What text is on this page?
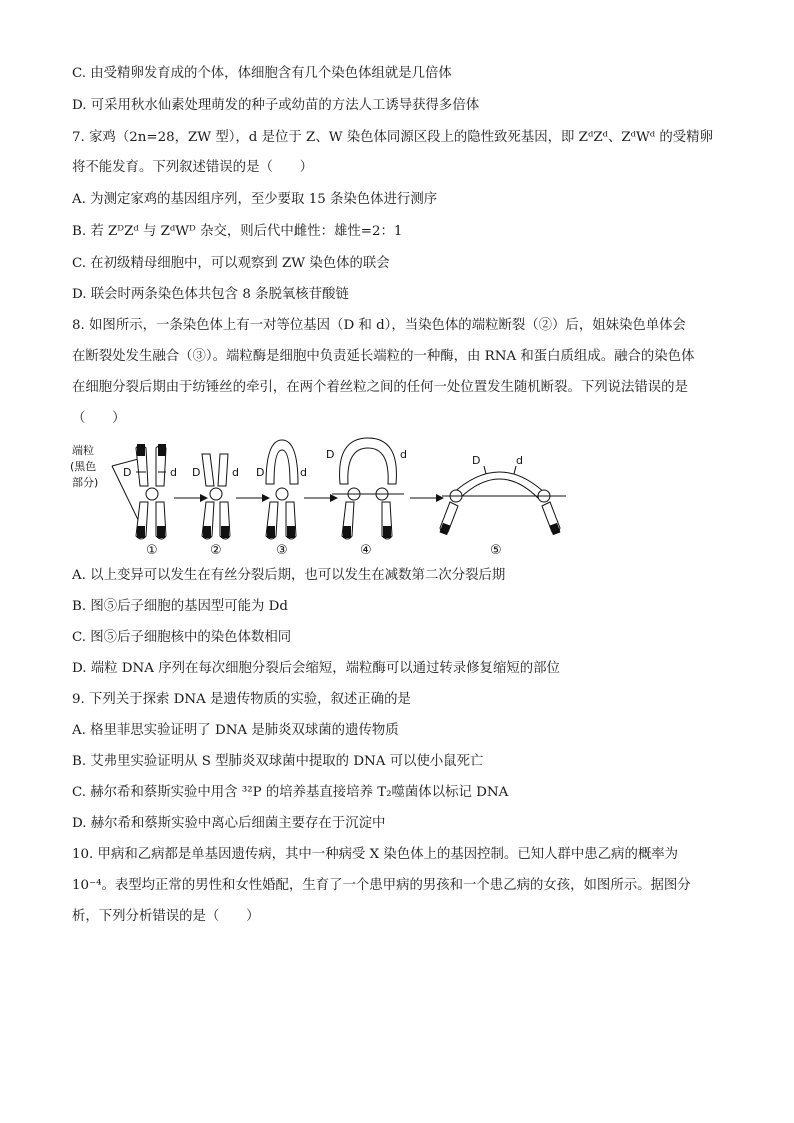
C. 由受精卵发育成的个体，体细胞含有几个染色体组就是几倍体
D. 可采用秋水仙素处理萌发的种子或幼苗的方法人工诱导获得多倍体
7. 家鸡（2n=28，ZW 型），d 是位于 Z、W 染色体同源区段上的隐性致死基因，即 ZᵈZᵈ、ZᵈWᵈ 的受精卵
将不能发育。下列叙述错误的是（　　）
A. 为测定家鸡的基因组序列，至少要取 15 条染色体进行测序
B. 若 ZᴰZᵈ 与 ZᵈWᴰ 杂交，则后代中雌性：雄性=2：1
C. 在初级精母细胞中，可以观察到 ZW 染色体的联会
D. 联会时两条染色体共包含 8 条脱氧核苷酸链
8. 如图所示，一条染色体上有一对等位基因（D 和 d），当染色体的端粒断裂（②）后，姐妹染色单体会
在断裂处发生融合（③）。端粒酶是细胞中负责延长端粒的一种酶，由 RNA 和蛋白质组成。融合的染色体
在细胞分裂后期由于纺锤丝的牵引，在两个着丝粒之间的任何一处位置发生随机断裂。下列说法错误的是
（　　）
A. 以上变异可以发生在有丝分裂后期，也可以发生在减数第二次分裂后期
B. 图⑤后子细胞的基因型可能为 Dd
C. 图⑤后子细胞核中的染色体数相同
D. 端粒 DNA 序列在每次细胞分裂后会缩短，端粒酶可以通过转录修复缩短的部位
9. 下列关于探索 DNA 是遗传物质的实验，叙述正确的是
A. 格里菲思实验证明了 DNA 是肺炎双球菌的遗传物质
B. 艾弗里实验证明从 S 型肺炎双球菌中提取的 DNA 可以使小鼠死亡
C. 赫尔希和蔡斯实验中用含 ³²P 的培养基直接培养 T₂噬菌体以标记 DNA
D. 赫尔希和蔡斯实验中离心后细菌主要存在于沉淀中
10. 甲病和乙病都是单基因遗传病，其中一种病受 X 染色体上的基因控制。已知人群中患乙病的概率为
10⁻⁴。表型均正常的男性和女性婚配，生育了一个患甲病的男孩和一个患乙病的女孩，如图所示。据图分
析，下列分析错误的是（　　）
端粒
(黑色
部分)
D	d D	d D	d
D	d	D	d
①	②	③	④	⑤
